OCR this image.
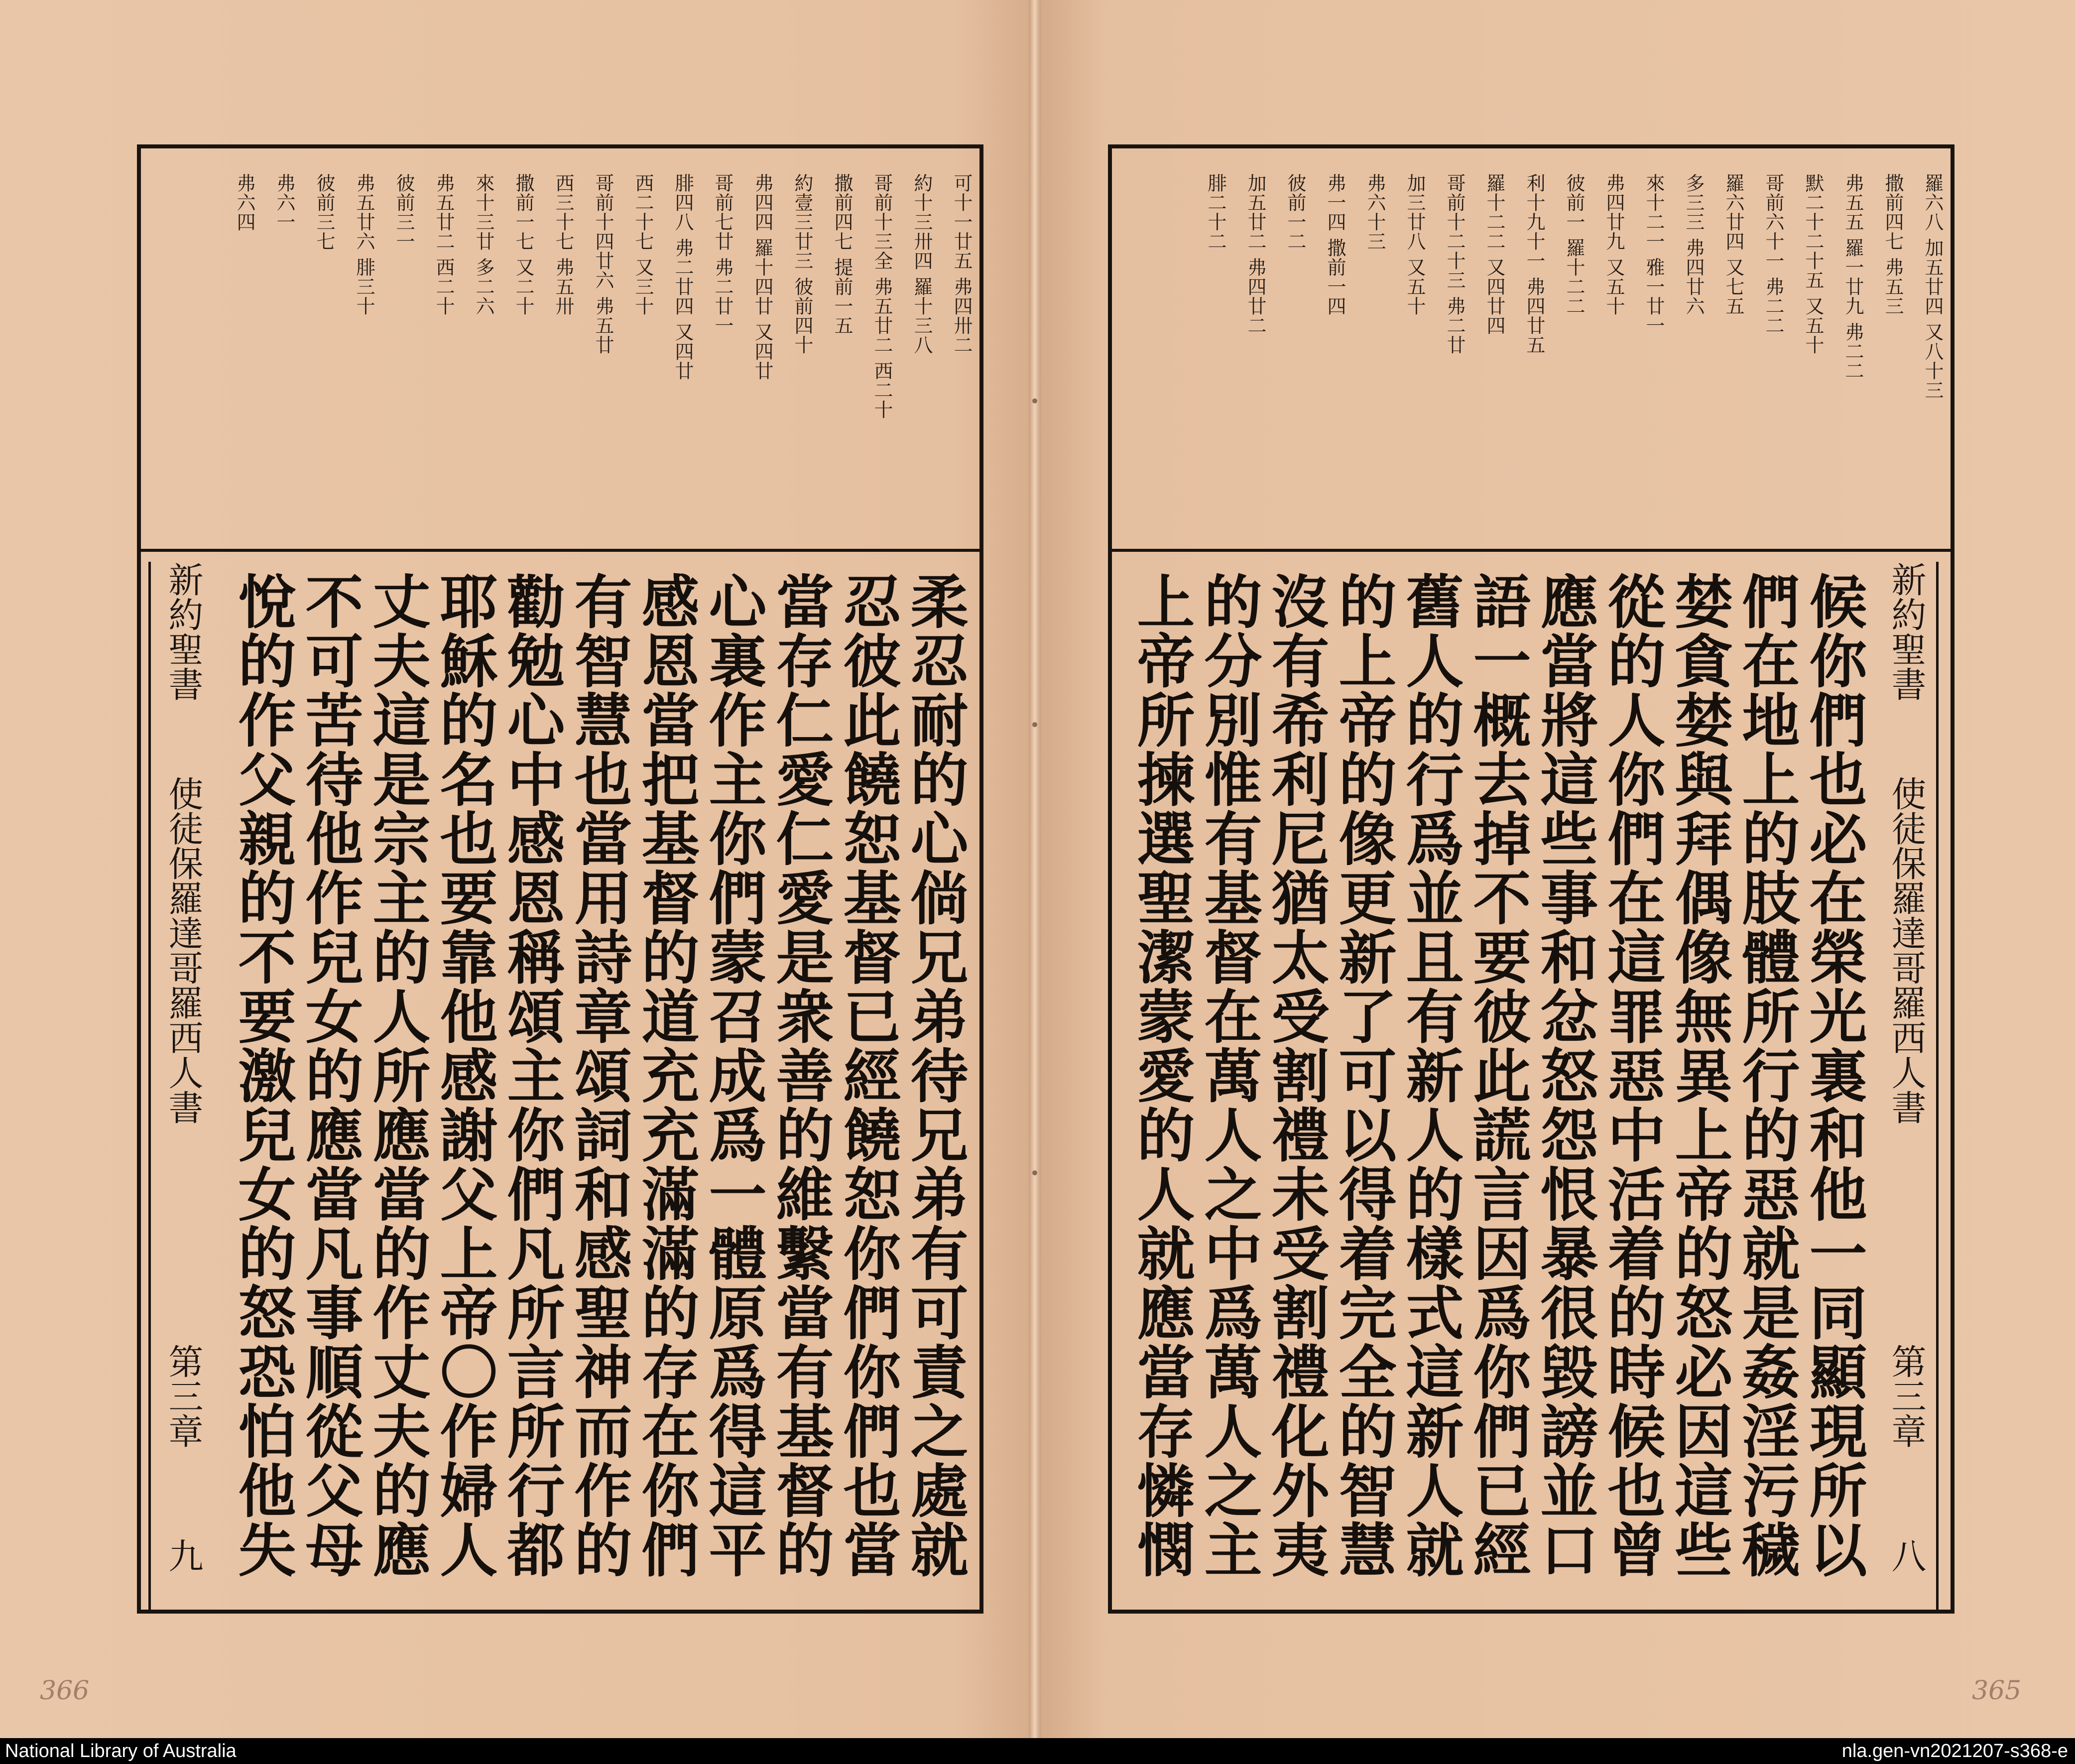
可十一廿五 弗四卅二
約十三卅四 羅十三八
哥前十三全 弗五廿二 西二十
撒前四七 提前一五
約壹三廿三 彼前四十
弗四四 羅十四廿 又四廿
哥前七廿 弗二廿一
腓四八 弗二廿四 又四廿
西二十七 又三十
哥前十四廿六 弗五廿
西三十七 弗五卅
撒前一七 又二十
來十三廿 多二六
弗五廿二 西二十
彼前三一
弗五廿六 腓三十
彼前三七
弗六一
弗六四
柔忍耐的心倘兄弟待兄弟有可責之處就
忍彼此饒恕基督已經饒恕你們你們也當
當存仁愛仁愛是衆善的維繫當有基督的
心裏作主你們蒙召成爲一體原爲得這平
感恩當把基督的道充充滿滿的存在你們
有智慧也當用詩章頌詞和感聖神而作的
勸勉心中感恩稱頌主你們凡所言所行都
耶穌的名也要靠他感謝父上帝〇作婦人
丈夫這是宗主的人所應當的作丈夫的應
不可苦待他作兒女的應當凡事順從父母
悅的作父親的不要激兒女的怒恐怕他失
新約聖書
使徒保羅達哥羅西人書
第三章
九
羅六八 加五廿四 又八十三
撒前四七 弗五三
弗五五 羅一廿九 弗二二
默二十二十五 又五十
哥前六十一 弗二二
羅六廿四 又七五
多三三 弗四廿六
來十二一 雅一廿一
弗四廿九 又五十
彼前一 羅十二二
利十九十一 弗四廿五
羅十二二 又四廿四
哥前十二十三 弗二廿
加三廿八 又五十
弗六十三
弗一四 撒前一四
彼前一二
加五廿二 弗四廿二
腓二十二
新約聖書
使徒保羅達哥羅西人書
第三章
八
候你們也必在榮光裏和他一同顯現所以
們在地上的肢體所行的惡就是姦淫污穢
婪貪婪與拜偶像無異上帝的怒必因這些
從的人你們在這罪惡中活着的時候也曾
應當將這些事和忿怒怨恨暴很毀謗並口
語一概去掉不要彼此謊言因爲你們已經
舊人的行爲並且有新人的樣式這新人就
的上帝的像更新了可以得着完全的智慧
沒有希利尼猶太受割禮未受割禮化外夷
的分別惟有基督在萬人之中爲萬人之主
上帝所揀選聖潔蒙愛的人就應當存憐憫
366	365
National Library of Australia	nla.gen-vn2021207-s368-e
